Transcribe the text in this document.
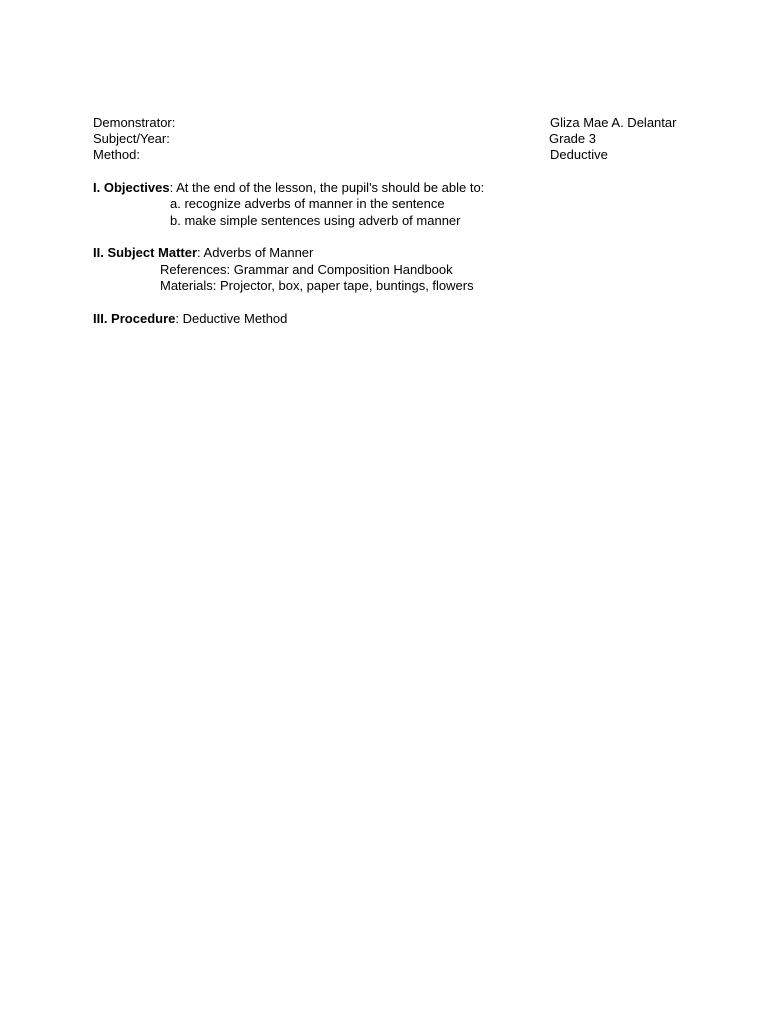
Demonstrator:	Gliza Mae A. Delantar
Subject/Year:	Grade 3
Method:	Deductive
I. Objectives: At the end of the lesson, the pupil's should be able to:
a. recognize adverbs of manner in the sentence
b. make simple sentences using adverb of manner
II. Subject Matter: Adverbs of Manner
References: Grammar and Composition Handbook
Materials: Projector, box, paper tape, buntings, flowers
III. Procedure: Deductive Method
